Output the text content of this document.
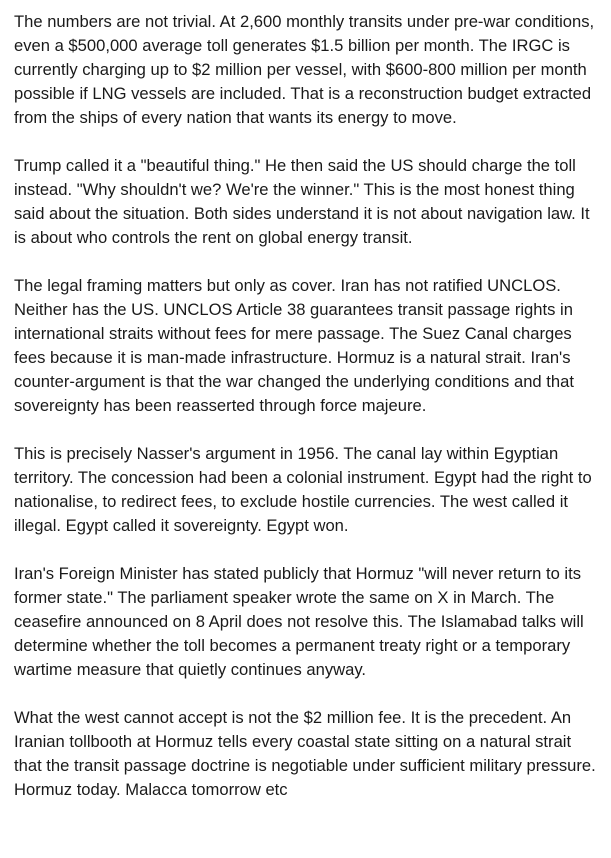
The numbers are not trivial. At 2,600 monthly transits under pre-war conditions, even a $500,000 average toll generates $1.5 billion per month. The IRGC is currently charging up to $2 million per vessel, with $600-800 million per month possible if LNG vessels are included. That is a reconstruction budget extracted from the ships of every nation that wants its energy to move.

Trump called it a "beautiful thing." He then said the US should charge the toll instead. "Why shouldn't we? We're the winner." This is the most honest thing said about the situation. Both sides understand it is not about navigation law. It is about who controls the rent on global energy transit.

The legal framing matters but only as cover. Iran has not ratified UNCLOS. Neither has the US. UNCLOS Article 38 guarantees transit passage rights in international straits without fees for mere passage. The Suez Canal charges fees because it is man-made infrastructure. Hormuz is a natural strait. Iran's counter-argument is that the war changed the underlying conditions and that sovereignty has been reasserted through force majeure.

This is precisely Nasser's argument in 1956. The canal lay within Egyptian territory. The concession had been a colonial instrument. Egypt had the right to nationalise, to redirect fees, to exclude hostile currencies. The west called it illegal. Egypt called it sovereignty. Egypt won.

Iran's Foreign Minister has stated publicly that Hormuz "will never return to its former state." The parliament speaker wrote the same on X in March. The ceasefire announced on 8 April does not resolve this. The Islamabad talks will determine whether the toll becomes a permanent treaty right or a temporary wartime measure that quietly continues anyway.

What the west cannot accept is not the $2 million fee. It is the precedent. An Iranian tollbooth at Hormuz tells every coastal state sitting on a natural strait that the transit passage doctrine is negotiable under sufficient military pressure. Hormuz today. Malacca tomorrow etc
